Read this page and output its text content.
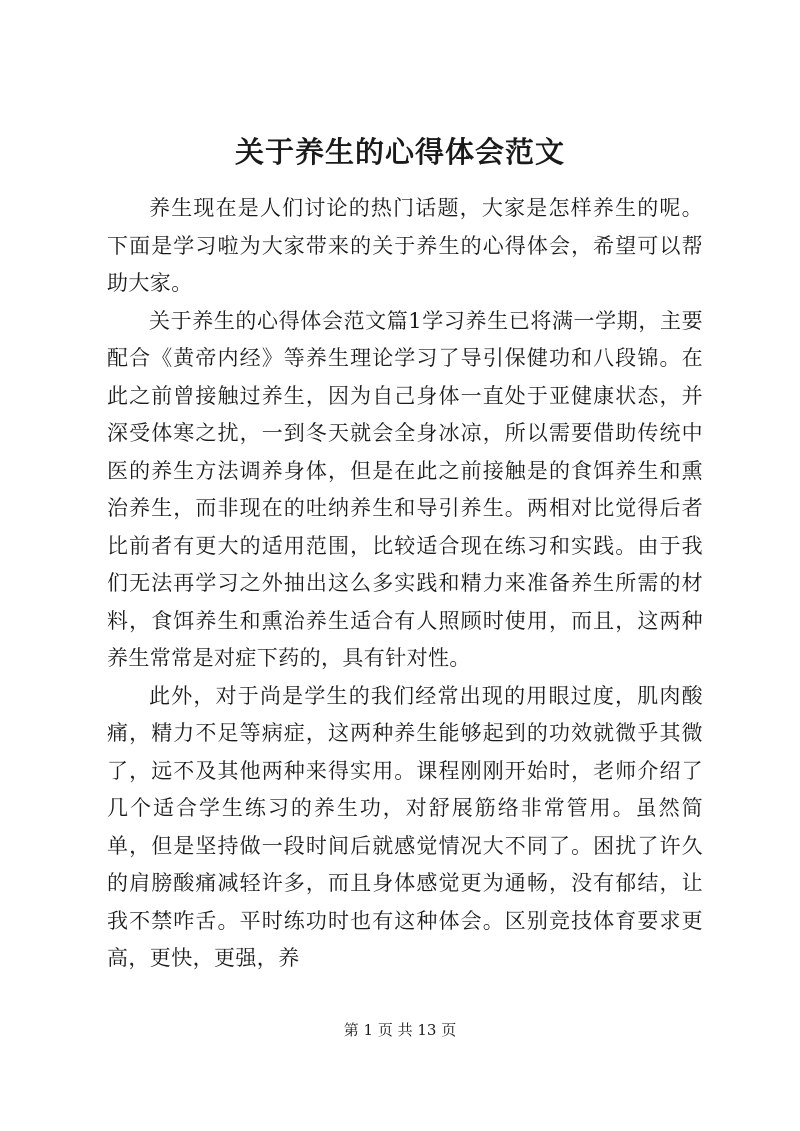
关于养生的心得体会范文

养生现在是人们讨论的热门话题，大家是怎样养生的呢。下面是学习啦为大家带来的关于养生的心得体会，希望可以帮助大家。

关于养生的心得体会范文篇1学习养生已将满一学期，主要配合《黄帝内经》等养生理论学习了导引保健功和八段锦。在此之前曾接触过养生，因为自己身体一直处于亚健康状态，并深受体寒之扰，一到冬天就会全身冰凉，所以需要借助传统中医的养生方法调养身体，但是在此之前接触是的食饵养生和熏治养生，而非现在的吐纳养生和导引养生。两相对比觉得后者比前者有更大的适用范围，比较适合现在练习和实践。由于我们无法再学习之外抽出这么多实践和精力来准备养生所需的材料，食饵养生和熏治养生适合有人照顾时使用，而且，这两种养生常常是对症下药的，具有针对性。

此外，对于尚是学生的我们经常出现的用眼过度，肌肉酸痛，精力不足等病症，这两种养生能够起到的功效就微乎其微了，远不及其他两种来得实用。课程刚刚开始时，老师介绍了几个适合学生练习的养生功，对舒展筋络非常管用。虽然简单，但是坚持做一段时间后就感觉情况大不同了。困扰了许久的肩膀酸痛减轻许多，而且身体感觉更为通畅，没有郁结，让我不禁咋舌。平时练功时也有这种体会。区别竞技体育要求更高，更快，更强，养

第 1 页 共 13 页
